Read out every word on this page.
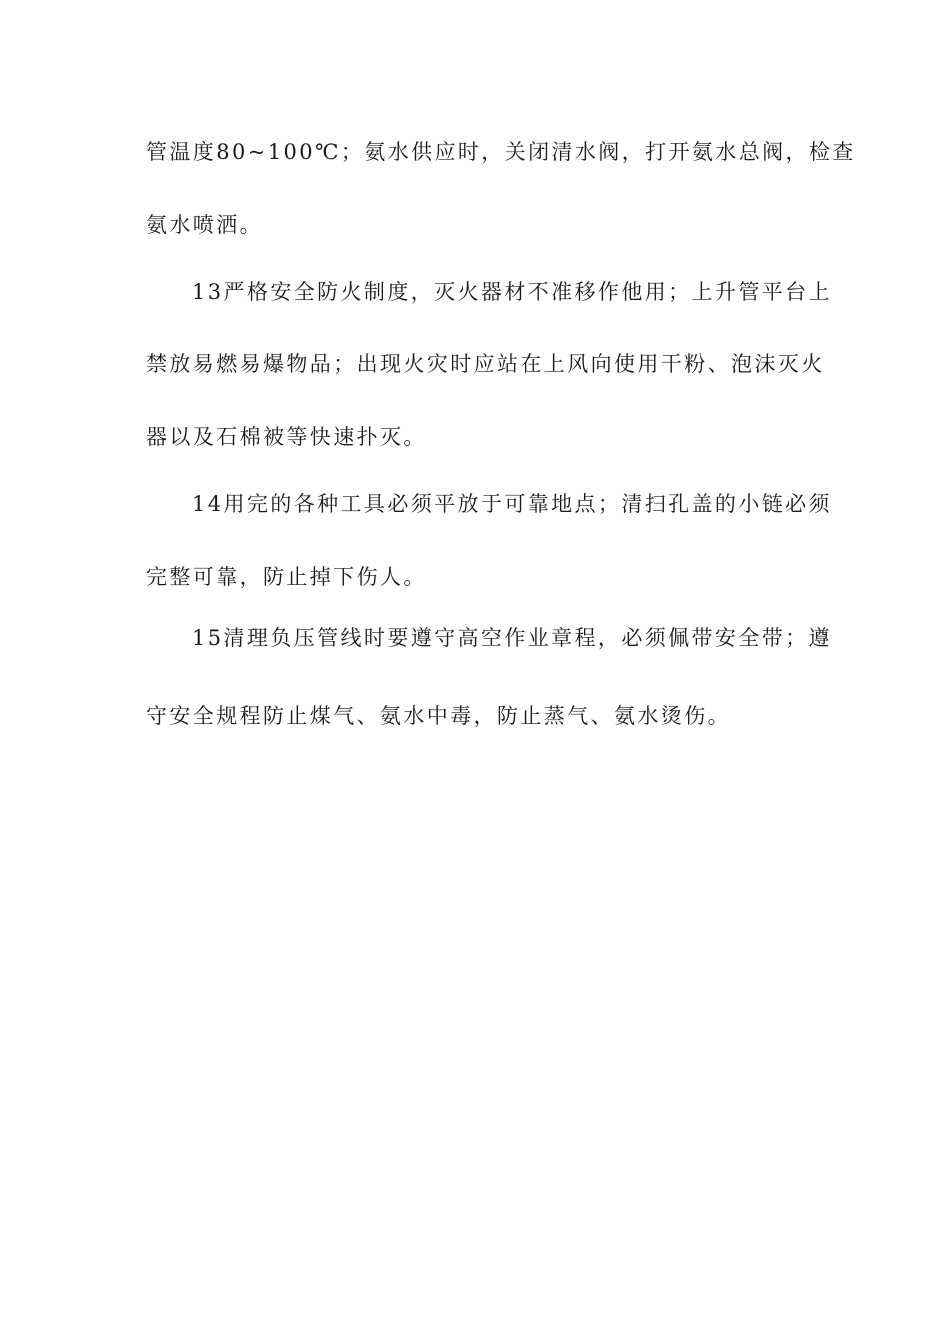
管温度80~100℃；氨水供应时，关闭清水阀，打开氨水总阀，检查
氨水喷洒。
13严格安全防火制度，灭火器材不准移作他用；上升管平台上
禁放易燃易爆物品；出现火灾时应站在上风向使用干粉、泡沫灭火
器以及石棉被等快速扑灭。
14用完的各种工具必须平放于可靠地点；清扫孔盖的小链必须
完整可靠，防止掉下伤人。
15清理负压管线时要遵守高空作业章程，必须佩带安全带；遵
守安全规程防止煤气、氨水中毒，防止蒸气、氨水烫伤。
